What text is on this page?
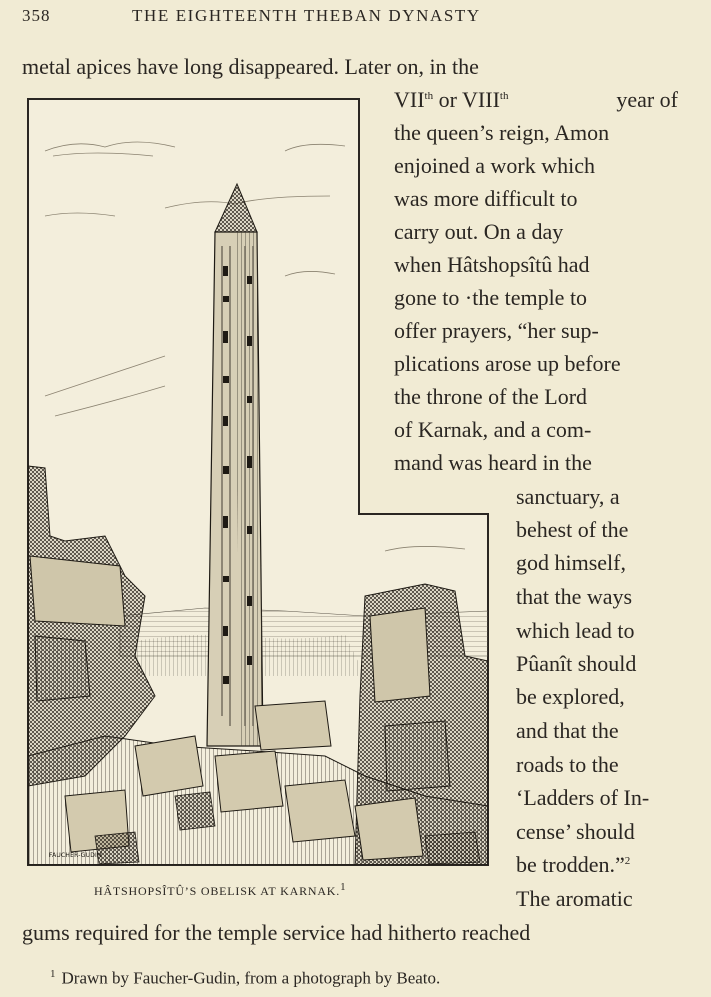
358	THE EIGHTEENTH THEBAN DYNASTY
metal apices have long disappeared. Later on, in the
VIIth or VIIIth	year of
the queen’s reign, Amon
enjoined a work which
was more difficult to
carry out. On a day
when Hâtshopsîtû had
gone to ·the temple to
offer prayers, “her sup-
plications arose up before
the throne of the Lord
of Karnak, and a com-
mand was heard in the
sanctuary, a
behest of the
god himself,
that the ways
which lead to
Pûanît should
be explored,
and that the
roads to the
‘Ladders of In-
cense’ should
be trodden.”2
The aromatic
gums required for the temple service had hitherto reached
FAUCHER-GUDIN
HÂTSHOPSÎTÛ’S OBELISK AT KARNAK.1
$^1$ Drawn by Faucher-Gudin, from a photograph by Beato.
